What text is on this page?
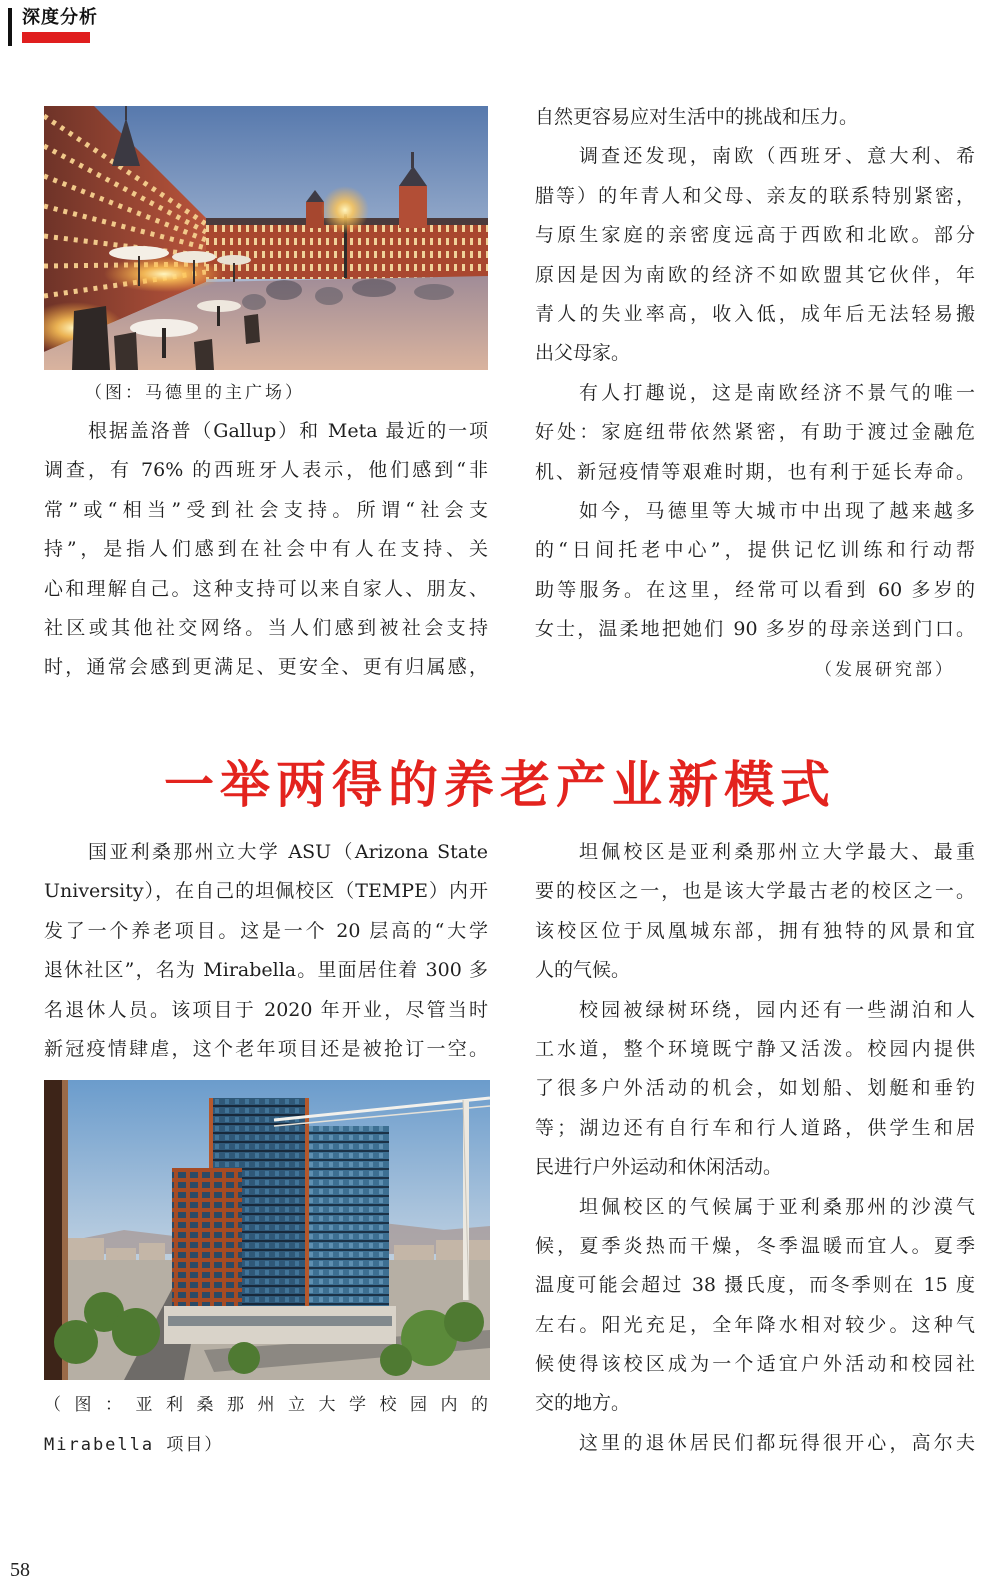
深度分析
（图：马德里的主广场）
根据盖洛普（Gallup）和 Meta 最近的一项
调查，有 76% 的西班牙人表示，他们感到“非
常”或“相当”受到社会支持。所谓“社会支
持”，是指人们感到在社会中有人在支持、关
心和理解自己。这种支持可以来自家人、朋友、
社区或其他社交网络。当人们感到被社会支持
时，通常会感到更满足、更安全、更有归属感，
自然更容易应对生活中的挑战和压力。
调查还发现，南欧（西班牙、意大利、希
腊等）的年青人和父母、亲友的联系特别紧密，
与原生家庭的亲密度远高于西欧和北欧。部分
原因是因为南欧的经济不如欧盟其它伙伴，年
青人的失业率高，收入低，成年后无法轻易搬
出父母家。
有人打趣说，这是南欧经济不景气的唯一
好处：家庭纽带依然紧密，有助于渡过金融危
机、新冠疫情等艰难时期，也有利于延长寿命。
如今，马德里等大城市中出现了越来越多
的“日间托老中心”，提供记忆训练和行动帮
助等服务。在这里，经常可以看到 60 多岁的
女士，温柔地把她们 90 多岁的母亲送到门口。
（发展研究部）
一举两得的养老产业新模式
国亚利桑那州立大学 ASU（Arizona State
University），在自己的坦佩校区（TEMPE）内开
发了一个养老项目。这是一个 20 层高的“大学
退休社区”，名为 Mirabella。里面居住着 300 多
名退休人员。该项目于 2020 年开业，尽管当时
新冠疫情肆虐，这个老年项目还是被抢订一空。
（图：亚利桑那州立大学校园内的
Mirabella 项目）
坦佩校区是亚利桑那州立大学最大、最重
要的校区之一，也是该大学最古老的校区之一。
该校区位于凤凰城东部，拥有独特的风景和宜
人的气候。
校园被绿树环绕，园内还有一些湖泊和人
工水道，整个环境既宁静又活泼。校园内提供
了很多户外活动的机会，如划船、划艇和垂钓
等；湖边还有自行车和行人道路，供学生和居
民进行户外运动和休闲活动。
坦佩校区的气候属于亚利桑那州的沙漠气
候，夏季炎热而干燥，冬季温暖而宜人。夏季
温度可能会超过 38 摄氏度，而冬季则在 15 度
左右。阳光充足，全年降水相对较少。这种气
候使得该校区成为一个适宜户外活动和校园社
交的地方。
这里的退休居民们都玩得很开心，高尔夫
58
